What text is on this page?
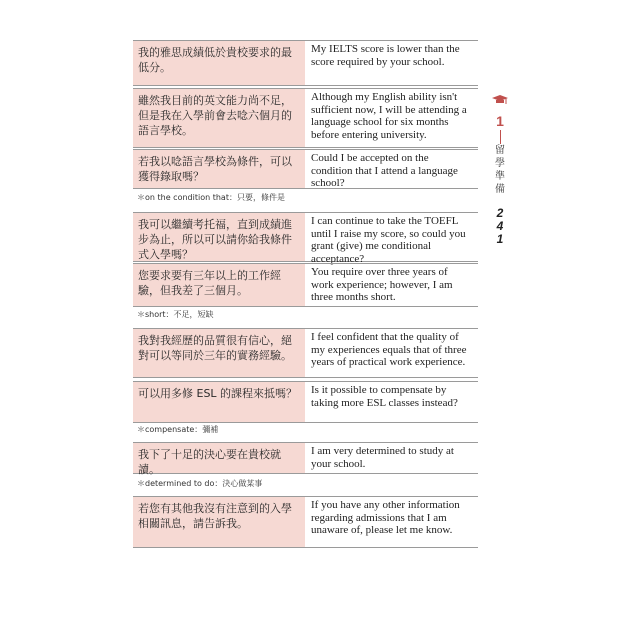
我的雅思成績低於貴校要求的最低分。
My IELTS score is lower than the score required by your school.
雖然我目前的英文能力尚不足，但是我在入學前會去唸六個月的語言學校。
Although my English ability isn't sufficient now, I will be attending a language school for six months before entering university.
若我以唸語言學校為條件，可以獲得錄取嗎？
Could I be accepted on the condition that I attend a language school?
＊on the condition that：只要，條件是
我可以繼續考托福，直到成績進步為止，所以可以請你給我條件式入學嗎？
I can continue to take the TOEFL until I raise my score, so could you grant (give) me conditional acceptance?
您要求要有三年以上的工作經驗，但我差了三個月。
You require over three years of work experience; however, I am three months short.
＊short：不足，短缺
我對我經歷的品質很有信心，絕對可以等同於三年的實務經驗。
I feel confident that the quality of my experiences equals that of three years of practical work experience.
可以用多修 ESL 的課程來抵嗎？	Is it possible to compensate by taking more ESL classes instead?
＊compensate：彌補
我下了十足的決心要在貴校就讀。
I am very determined to study at your school.
＊determined to do：決心做某事
若您有其他我沒有注意到的入學相關訊息，請告訴我。
If you have any other information regarding admissions that I am unaware of, please let me know.
1
留
學
準
備
2
4
1
